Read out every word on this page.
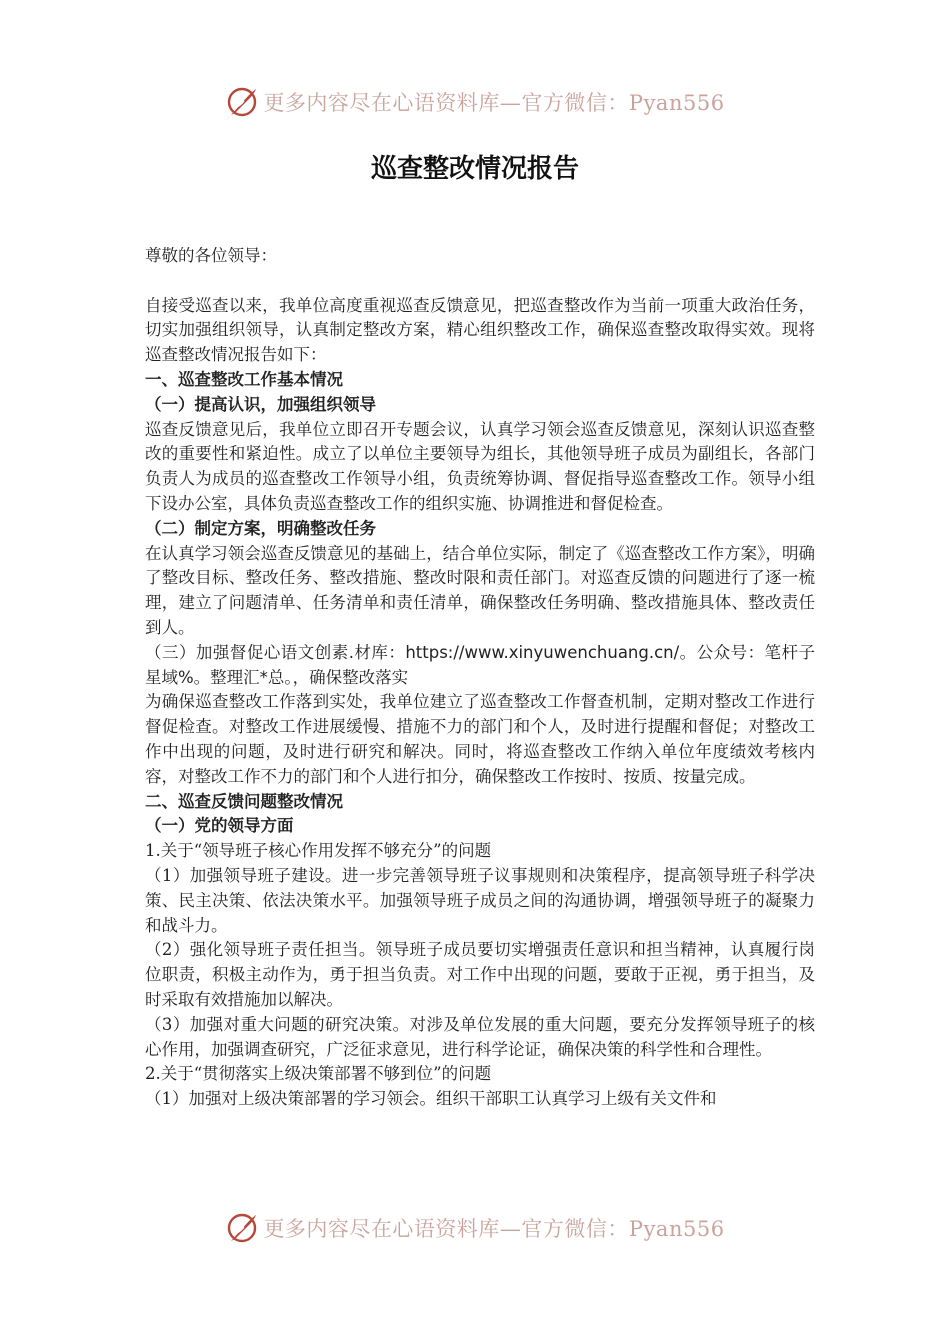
更多内容尽在心语资料库—官方微信：Pyan556
巡查整改情况报告

尊敬的各位领导：

自接受巡查以来，我单位高度重视巡查反馈意见，把巡查整改作为当前一项重大政治任务，切实加强组织领导，认真制定整改方案，精心组织整改工作，确保巡查整改取得实效。现将巡查整改情况报告如下：

一、巡查整改工作基本情况

（一）提高认识，加强组织领导

巡查反馈意见后，我单位立即召开专题会议，认真学习领会巡查反馈意见，深刻认识巡查整改的重要性和紧迫性。成立了以单位主要领导为组长，其他领导班子成员为副组长，各部门负责人为成员的巡查整改工作领导小组，负责统筹协调、督促指导巡查整改工作。领导小组下设办公室，具体负责巡查整改工作的组织实施、协调推进和督促检查。

（二）制定方案，明确整改任务

在认真学习领会巡查反馈意见的基础上，结合单位实际，制定了《巡查整改工作方案》，明确了整改目标、整改任务、整改措施、整改时限和责任部门。对巡查反馈的问题进行了逐一梳理，建立了问题清单、任务清单和责任清单，确保整改任务明确、整改措施具体、整改责任到人。

（三）加强督促心语文创素.材库：https://www.xinyuwenchuang.cn/。公众号：笔杆子星域%。整理汇*总。，确保整改落实

为确保巡查整改工作落到实处，我单位建立了巡查整改工作督查机制，定期对整改工作进行督促检查。对整改工作进展缓慢、措施不力的部门和个人，及时进行提醒和督促；对整改工作中出现的问题，及时进行研究和解决。同时，将巡查整改工作纳入单位年度绩效考核内容，对整改工作不力的部门和个人进行扣分，确保整改工作按时、按质、按量完成。

二、巡查反馈问题整改情况

（一）党的领导方面

1.关于“领导班子核心作用发挥不够充分”的问题

（1）加强领导班子建设。进一步完善领导班子议事规则和决策程序，提高领导班子科学决策、民主决策、依法决策水平。加强领导班子成员之间的沟通协调，增强领导班子的凝聚力和战斗力。

（2）强化领导班子责任担当。领导班子成员要切实增强责任意识和担当精神，认真履行岗位职责，积极主动作为，勇于担当负责。对工作中出现的问题，要敢于正视，勇于担当，及时采取有效措施加以解决。

（3）加强对重大问题的研究决策。对涉及单位发展的重大问题，要充分发挥领导班子的核心作用，加强调查研究，广泛征求意见，进行科学论证，确保决策的科学性和合理性。

2.关于“贯彻落实上级决策部署不够到位”的问题

（1）加强对上级决策部署的学习领会。组织干部职工认真学习上级有关文件和

更多内容尽在心语资料库—官方微信：Pyan556
